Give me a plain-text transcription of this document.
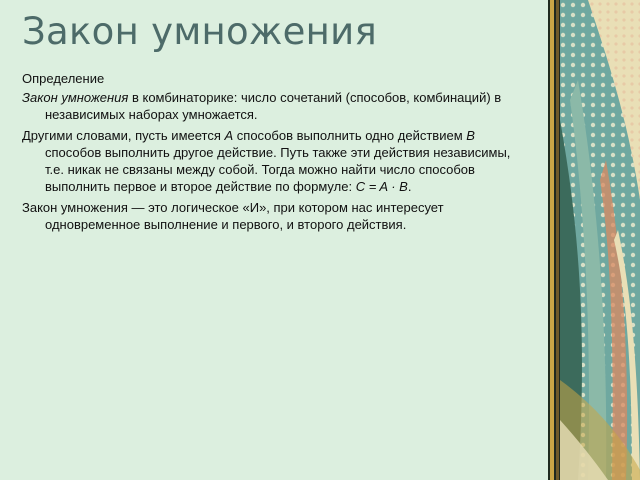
Закон умножения

Определение

Закон умножения в комбинаторике: число сочетаний (способов, комбинаций) в независимых наборах умножается.

Другими словами, пусть имеется A способов выполнить одно действием B способов выполнить другое действие. Путь также эти действия независимы, т.е. никак не связаны между собой. Тогда можно найти число способов выполнить первое и второе действие по формуле: C = A · B.

Закон умножения — это логическое «И», при котором нас интересует одновременное выполнение и первого, и второго действия.
